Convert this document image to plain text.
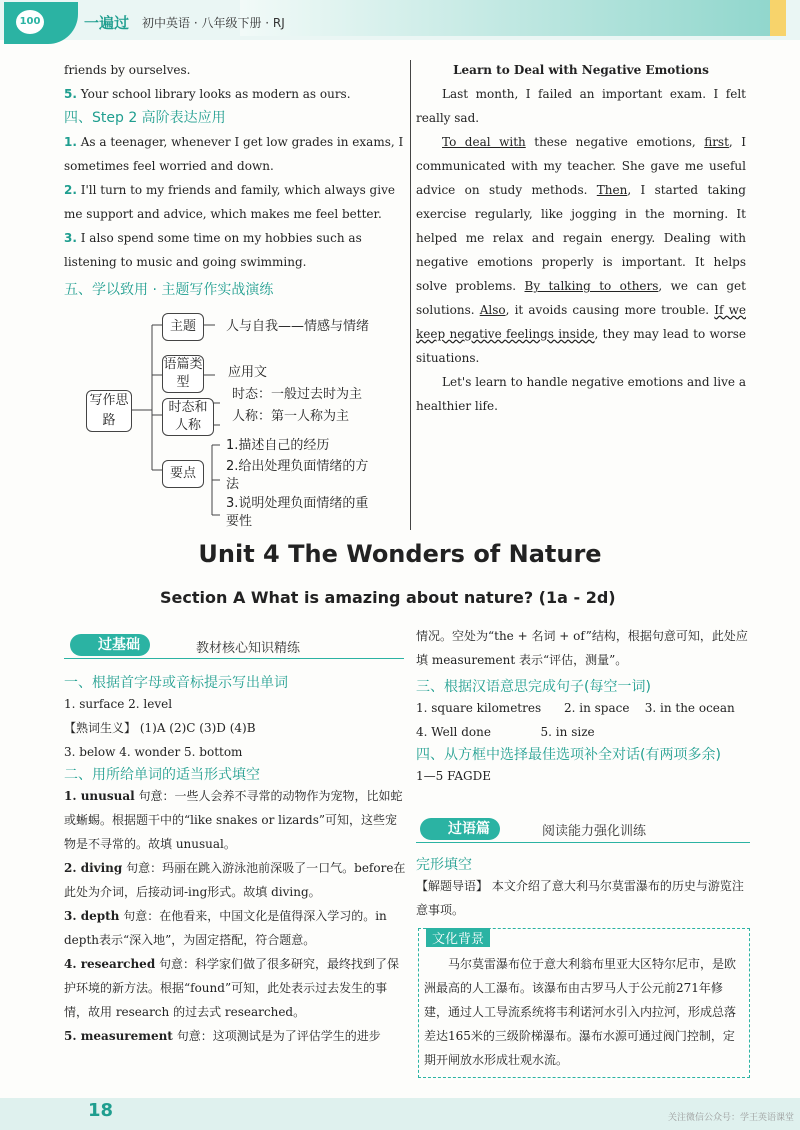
100	一遍过 初中英语 · 八年级下册 · RJ
friends by ourselves.
5. Your school library looks as modern as ours.
四、Step 2 高阶表达应用
1. As a teenager, whenever I get low grades in exams, I sometimes feel worried and down.
2. I'll turn to my friends and family, which always give me support and advice, which makes me feel better.
3. I also spend some time on my hobbies such as listening to music and going swimming.
五、学以致用 · 主题写作实战演练
写作思路
主题	人与自我——情感与情绪
语篇类型
应用文
时态和人称
时态：一般过去时为主
人称：第一人称为主
要点
1.描述自己的经历
2.给出处理负面情绪的方法
3.说明处理负面情绪的重要性
Learn to Deal with Negative Emotions
Last month, I failed an important exam. I felt really sad.
To deal with these negative emotions, first, I communicated with my teacher. She gave me useful advice on study methods. Then, I started taking exercise regularly, like jogging in the morning. It helped me relax and regain energy. Dealing with negative emotions properly is important. It helps solve problems. By talking to others, we can get solutions. Also, it avoids causing more trouble. If we keep negative feelings inside, they may lead to worse situations.
Let's learn to handle negative emotions and live a healthier life.
Unit 4 The Wonders of Nature
Section A What is amazing about nature? (1a - 2d)
过基础	教材核心知识精练
一、根据首字母或音标提示写出单词
1. surface 2. level
【熟词生义】 (1)A (2)C (3)D (4)B
3. below 4. wonder 5. bottom
二、用所给单词的适当形式填空
1. unusual 句意：一些人会养不寻常的动物作为宠物，比如蛇或蜥蜴。根据题干中的“like snakes or lizards”可知，这些宠物是不寻常的。故填 unusual。
2. diving 句意：玛丽在跳入游泳池前深吸了一口气。before在此处为介词，后接动词-ing形式。故填 diving。
3. depth 句意：在他看来，中国文化是值得深入学习的。in depth表示“深入地”，为固定搭配，符合题意。
4. researched 句意：科学家们做了很多研究，最终找到了保护环境的新方法。根据“found”可知，此处表示过去发生的事情，故用 research 的过去式 researched。
5. measurement 句意：这项测试是为了评估学生的进步
情况。空处为“the + 名词 + of”结构，根据句意可知，此处应填 measurement 表示“评估，测量”。
三、根据汉语意思完成句子(每空一词)
1. square kilometres 2. in space 3. in the ocean
4. Well done	5. in size
四、从方框中选择最佳选项补全对话(有两项多余)
1—5 FAGDE
过语篇	阅读能力强化训练
完形填空
【解题导语】 本文介绍了意大利马尔莫雷瀑布的历史与游览注意事项。
文化背景
马尔莫雷瀑布位于意大利翁布里亚大区特尔尼市，是欧洲最高的人工瀑布。该瀑布由古罗马人于公元前271年修建，通过人工导流系统将韦利诺河水引入内拉河，形成总落差达165米的三级阶梯瀑布。瀑布水源可通过阀门控制，定期开闸放水形成壮观水流。
18	关注微信公众号：学王英语课堂
